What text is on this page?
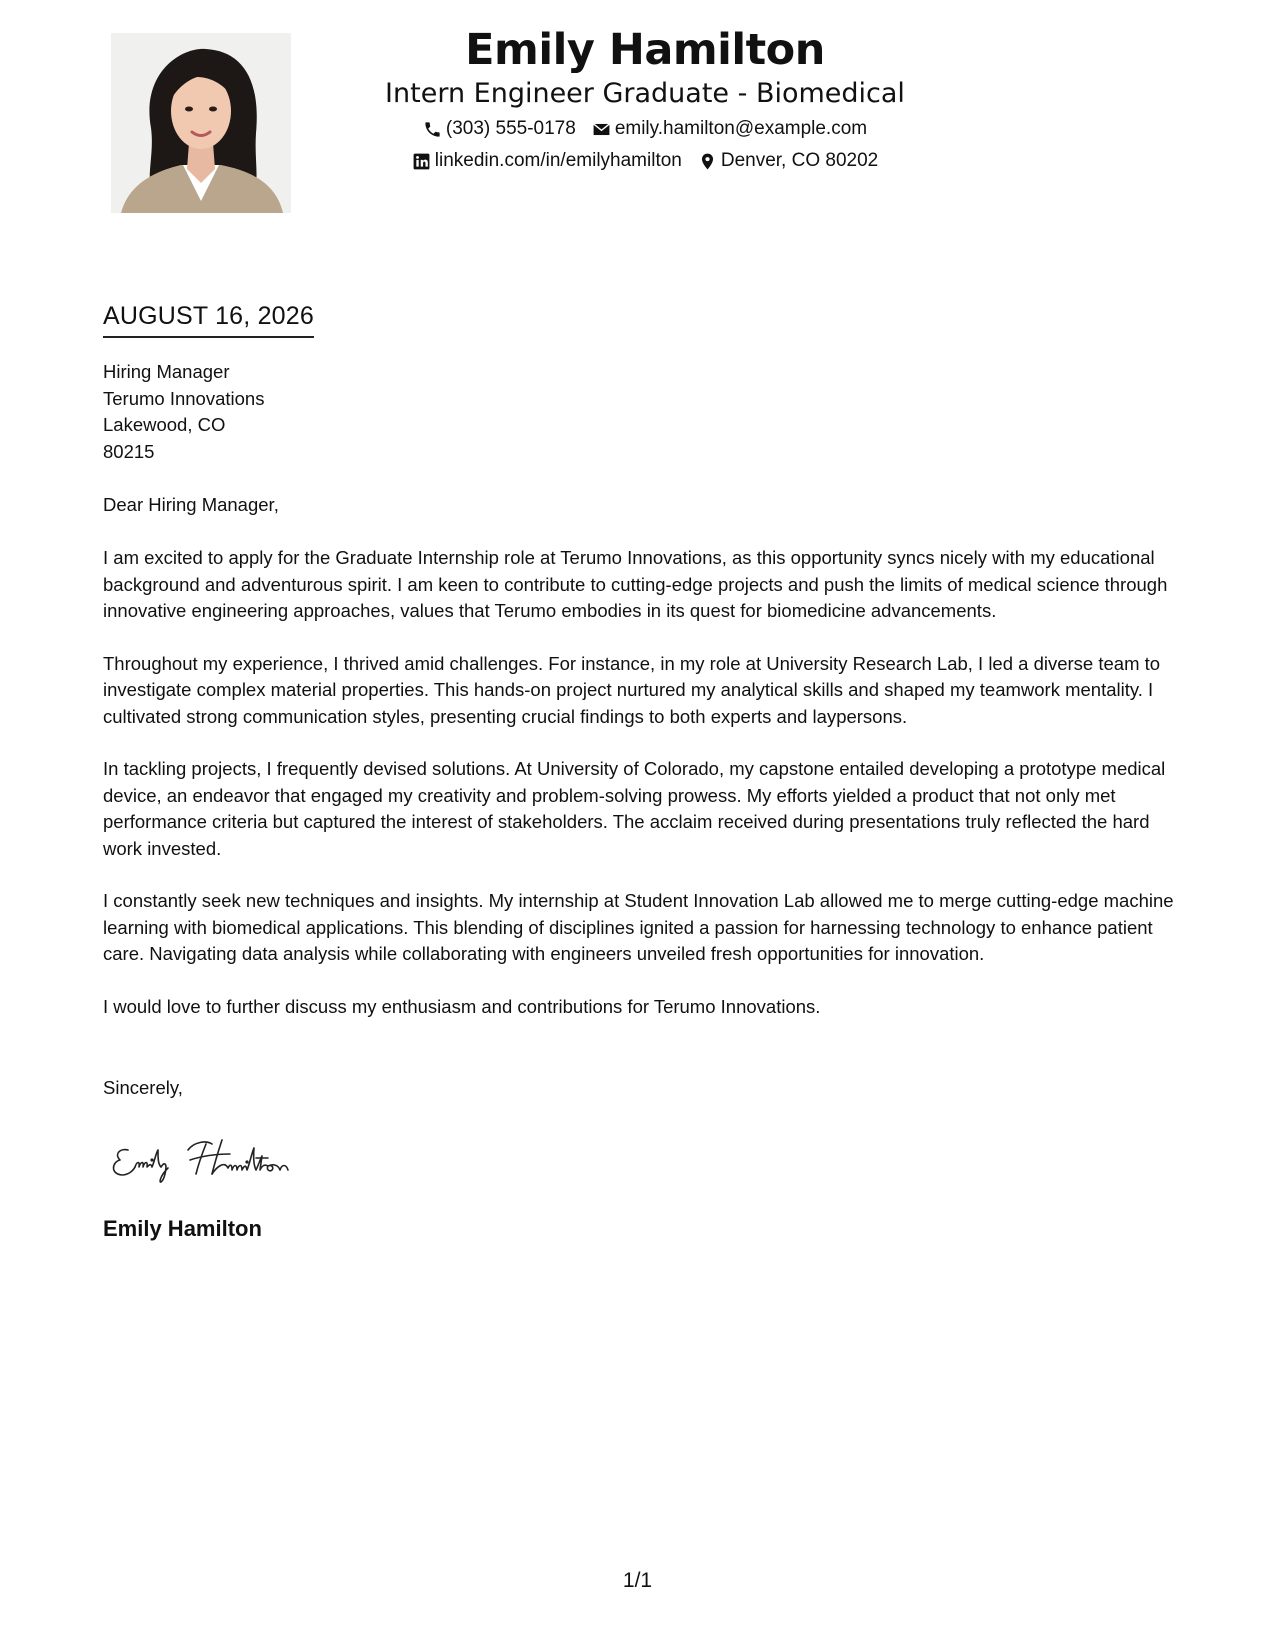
Emily Hamilton
Intern Engineer Graduate - Biomedical
(303) 555-0178 emily.hamilton@example.com
linkedin.com/in/emilyhamilton Denver, CO 80202
AUGUST 16, 2026
Hiring Manager
Terumo Innovations
Lakewood, CO
80215
Dear Hiring Manager,

I am excited to apply for the Graduate Internship role at Terumo Innovations, as this opportunity syncs nicely with my educational background and adventurous spirit. I am keen to contribute to cutting-edge projects and push the limits of medical science through innovative engineering approaches, values that Terumo embodies in its quest for biomedicine advancements.

Throughout my experience, I thrived amid challenges. For instance, in my role at University Research Lab, I led a diverse team to investigate complex material properties. This hands-on project nurtured my analytical skills and shaped my teamwork mentality. I cultivated strong communication styles, presenting crucial findings to both experts and laypersons.

In tackling projects, I frequently devised solutions. At University of Colorado, my capstone entailed developing a prototype medical device, an endeavor that engaged my creativity and problem-solving prowess. My efforts yielded a product that not only met performance criteria but captured the interest of stakeholders. The acclaim received during presentations truly reflected the hard work invested.

I constantly seek new techniques and insights. My internship at Student Innovation Lab allowed me to merge cutting-edge machine learning with biomedical applications. This blending of disciplines ignited a passion for harnessing technology to enhance patient care. Navigating data analysis while collaborating with engineers unveiled fresh opportunities for innovation.

I would love to further discuss my enthusiasm and contributions for Terumo Innovations.

Sincerely,
Emily Hamilton
1/1
